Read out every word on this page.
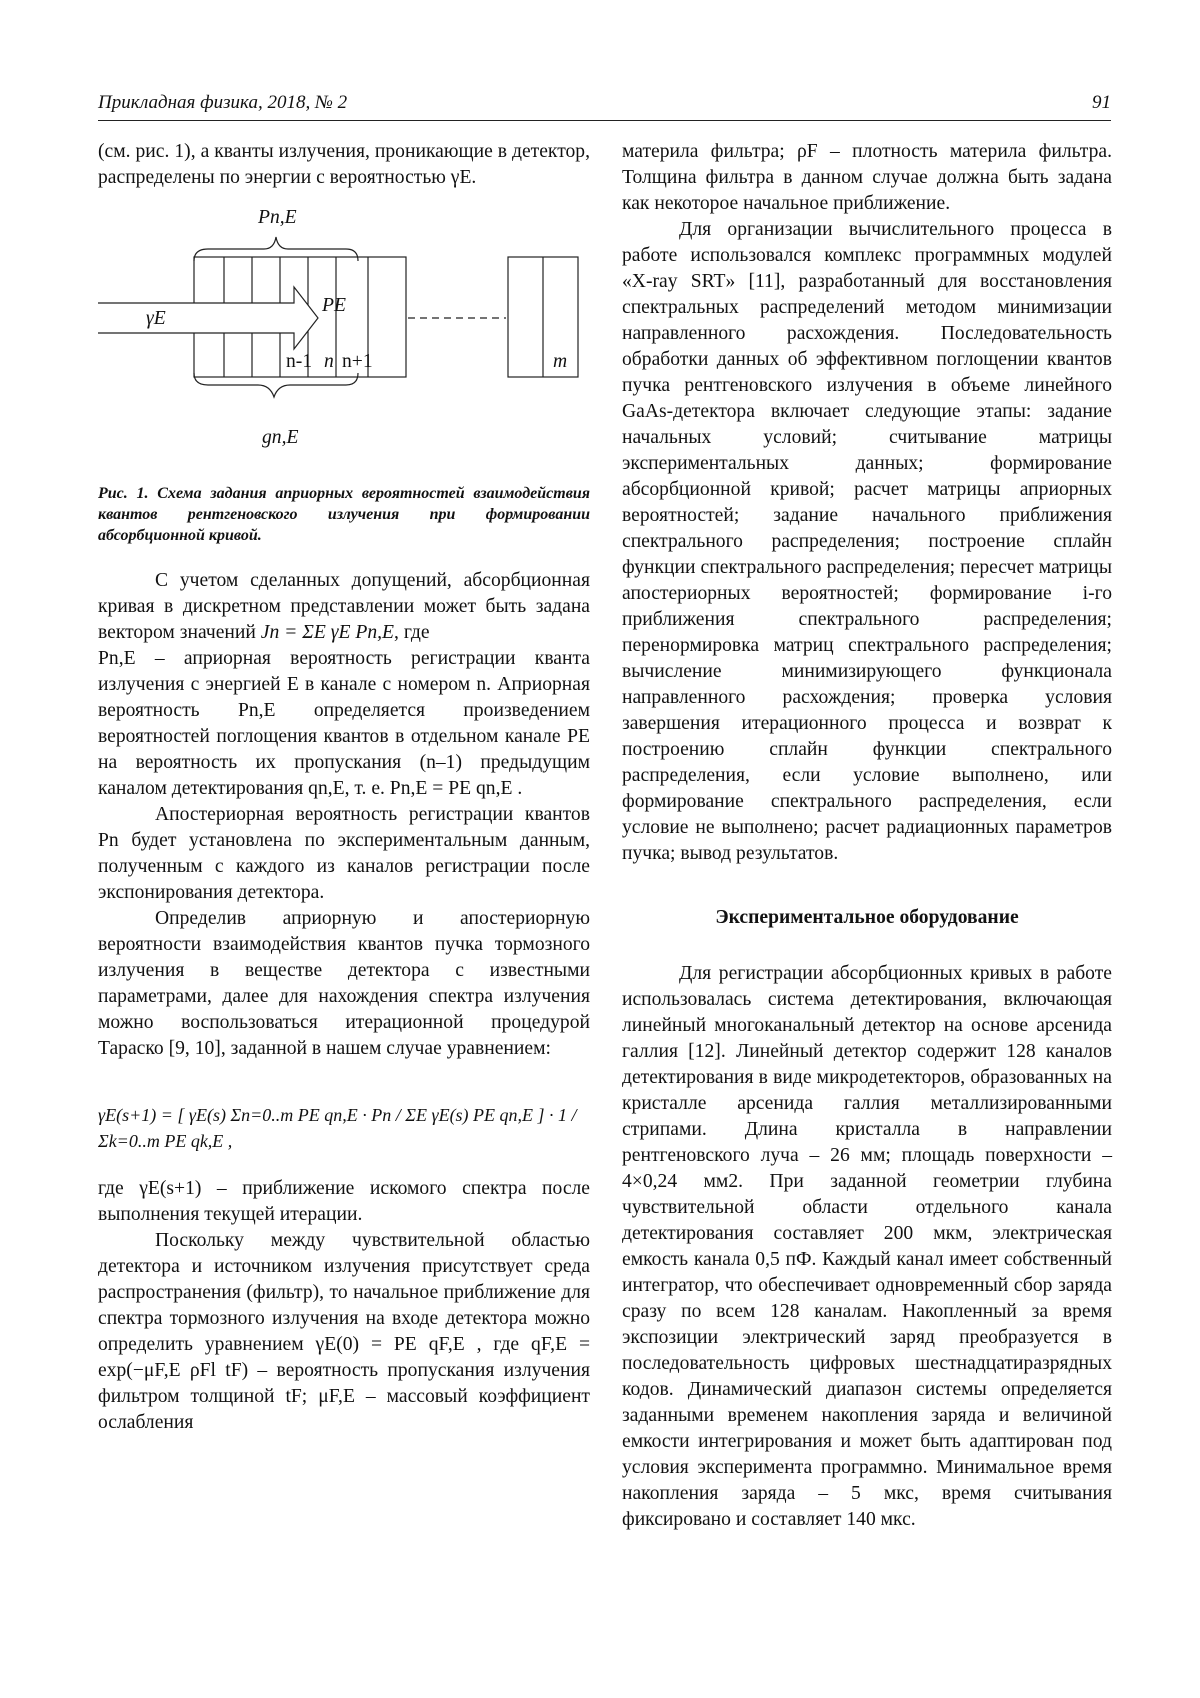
Прикладная физика, 2018, № 2	91

(см. рис. 1), а кванты излучения, проникающие в детектор, распределены по энергии с вероятностью γE.

Pn,E
gn,E
γE
PE
n-1 n n+1	m

Рис. 1. Схема задания априорных вероятностей взаимодействия квантов рентгеновского излучения при формировании абсорбционной кривой.

С учетом сделанных допущений, абсорбционная кривая в дискретном представлении может быть задана вектором значений Jn = ΣE γE Pn,E, где

Pn,E – априорная вероятность регистрации кванта излучения с энергией E в канале с номером n. Априорная вероятность Pn,E определяется произведением вероятностей поглощения квантов в отдельном канале PE на вероятность их пропускания (n–1) предыдущим каналом детектирования qn,E, т. е. Pn,E = PE qn,E .

Апостериорная вероятность регистрации квантов Pn будет установлена по экспериментальным данным, полученным с каждого из каналов регистрации после экспонирования детектора.

Определив априорную и апостериорную вероятности взаимодействия квантов пучка тормозного излучения в веществе детектора с известными параметрами, далее для нахождения спектра излучения можно воспользоваться итерационной процедурой Тараско [9, 10], заданной в нашем случае уравнением:

γE(s+1) = [ γE(s) Σn=0..m PE qn,E · Pn / ΣE γE(s) PE qn,E ] · 1 / Σk=0..m PE qk,E ,

где γE(s+1) – приближение искомого спектра после выполнения текущей итерации.

Поскольку между чувствительной областью детектора и источником излучения присутствует среда распространения (фильтр), то начальное приближение для спектра тормозного излучения на входе детектора можно определить уравнением γE(0) = PE qF,E , где qF,E = exp(−μF,E ρFl tF) – вероятность пропускания излучения фильтром толщиной tF; μF,E – массовый коэффициент ослабления

материла фильтра; ρF – плотность материла фильтра. Толщина фильтра в данном случае должна быть задана как некоторое начальное приближение.

Для организации вычислительного процесса в работе использовался комплекс программных модулей «X-ray SRT» [11], разработанный для восстановления спектральных распределений методом минимизации направленного расхождения. Последовательность обработки данных об эффективном поглощении квантов пучка рентгеновского излучения в объеме линейного GaAs-детектора включает следующие этапы: задание начальных условий; считывание матрицы экспериментальных данных; формирование абсорбционной кривой; расчет матрицы априорных вероятностей; задание начального приближения спектрального распределения; построение сплайн функции спектрального распределения; пересчет матрицы апостериорных вероятностей; формирование i-го приближения спектрального распределения; перенормировка матриц спектрального распределения; вычисление минимизирующего функционала направленного расхождения; проверка условия завершения итерационного процесса и возврат к построению сплайн функции спектрального распределения, если условие выполнено, или формирование спектрального распределения, если условие не выполнено; расчет радиационных параметров пучка; вывод результатов.

Экспериментальное оборудование

Для регистрации абсорбционных кривых в работе использовалась система детектирования, включающая линейный многоканальный детектор на основе арсенида галлия [12]. Линейный детектор содержит 128 каналов детектирования в виде микродетекторов, образованных на кристалле арсенида галлия металлизированными стрипами. Длина кристалла в направлении рентгеновского луча – 26 мм; площадь поверхности – 4×0,24 мм2. При заданной геометрии глубина чувствительной области отдельного канала детектирования составляет 200 мкм, электрическая емкость канала 0,5 пФ. Каждый канал имеет собственный интегратор, что обеспечивает одновременный сбор заряда сразу по всем 128 каналам. Накопленный за время экспозиции электрический заряд преобразуется в последовательность цифровых шестнадцатиразрядных кодов. Динамический диапазон системы определяется заданными временем накопления заряда и величиной емкости интегрирования и может быть адаптирован под условия эксперимента программно. Минимальное время накопления заряда – 5 мкс, время считывания фиксировано и составляет 140 мкс.
